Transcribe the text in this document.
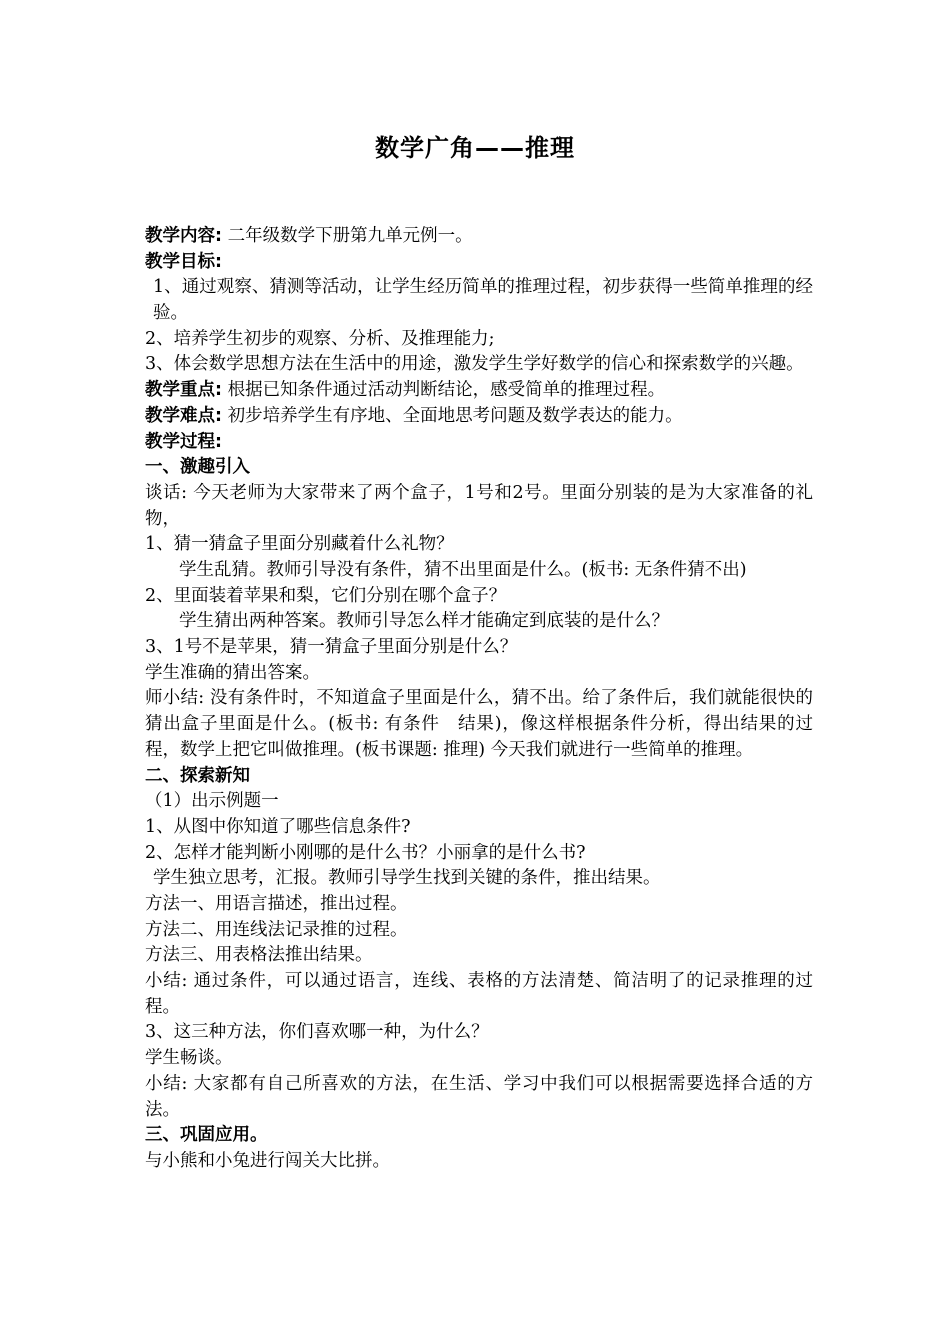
数学广角——推理
教学内容: 二年级数学下册第九单元例一。
教学目标:
1、通过观察、猜测等活动，让学生经历简单的推理过程，初步获得一些简单推理的经验。
2、培养学生初步的观察、分析、及推理能力;
3、体会数学思想方法在生活中的用途，激发学生学好数学的信心和探索数学的兴趣。
教学重点: 根据已知条件通过活动判断结论，感受简单的推理过程。
教学难点: 初步培养学生有序地、全面地思考问题及数学表达的能力。
教学过程:
一、激趣引入
谈话: 今天老师为大家带来了两个盒子，1号和2号。里面分别装的是为大家准备的礼物，
1、猜一猜盒子里面分别藏着什么礼物？
学生乱猜。教师引导没有条件，猜不出里面是什么。(板书: 无条件猜不出)
2、里面装着苹果和梨，它们分别在哪个盒子？
学生猜出两种答案。教师引导怎么样才能确定到底装的是什么？
3、1号不是苹果，猜一猜盒子里面分别是什么？
学生准确的猜出答案。
师小结: 没有条件时，不知道盒子里面是什么，猜不出。给了条件后，我们就能很快的猜出盒子里面是什么。(板书: 有条件　结果)，像这样根据条件分析，得出结果的过程，数学上把它叫做推理。(板书课题: 推理) 今天我们就进行一些简单的推理。
二、探索新知
（1）出示例题一
1、从图中你知道了哪些信息条件?
2、怎样才能判断小刚哪的是什么书？小丽拿的是什么书?
学生独立思考，汇报。教师引导学生找到关键的条件，推出结果。
方法一、用语言描述，推出过程。
方法二、用连线法记录推的过程。
方法三、用表格法推出结果。
小结: 通过条件，可以通过语言，连线、表格的方法清楚、简洁明了的记录推理的过程。
3、这三种方法，你们喜欢哪一种，为什么？
学生畅谈。
小结: 大家都有自己所喜欢的方法，在生活、学习中我们可以根据需要选择合适的方法。
三、巩固应用。
与小熊和小兔进行闯关大比拼。
